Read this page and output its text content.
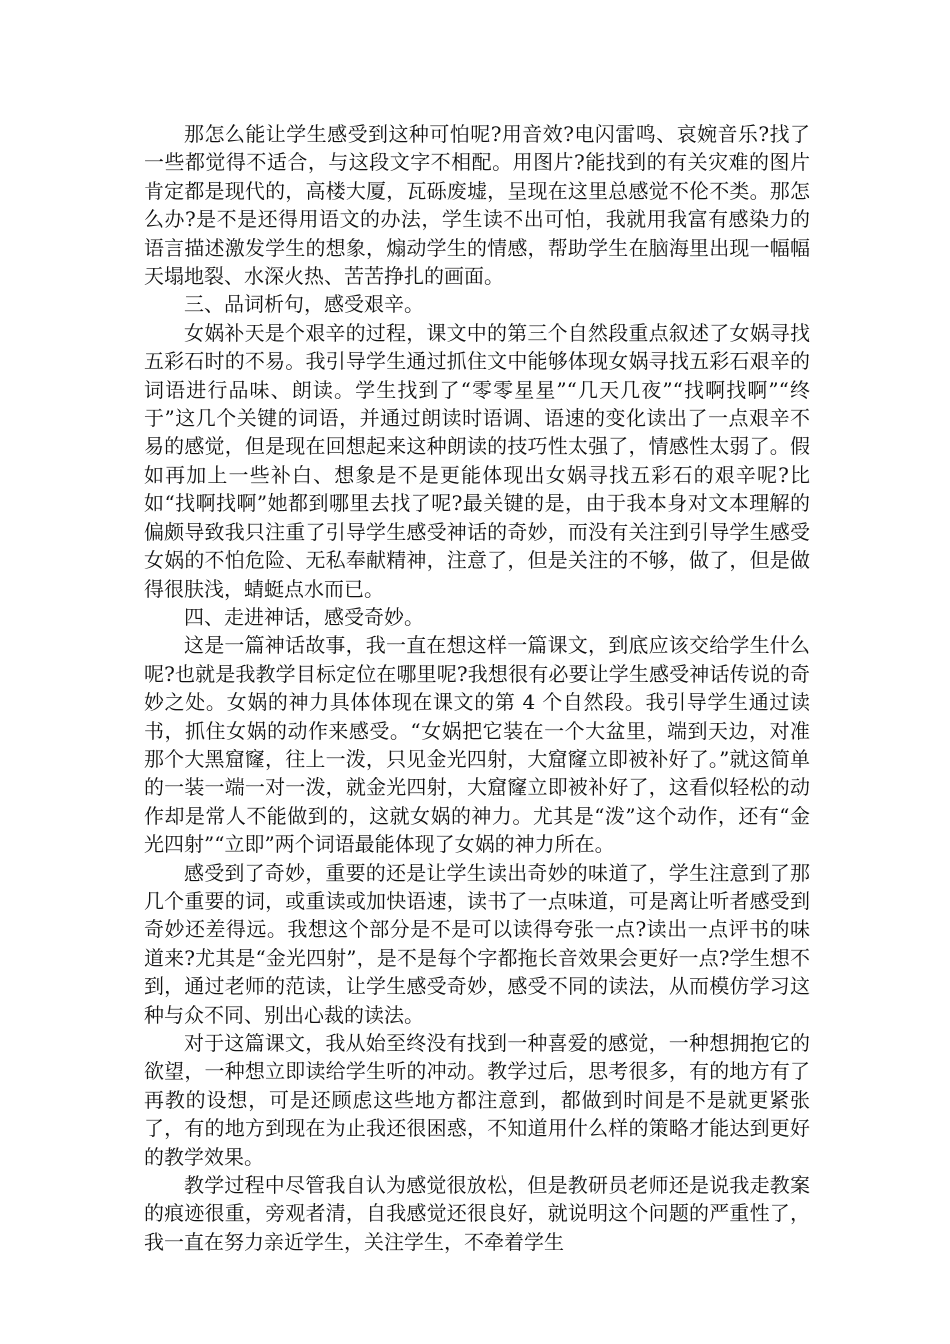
那怎么能让学生感受到这种可怕呢?用音效?电闪雷鸣、哀婉音乐?找了一些都觉得不适合，与这段文字不相配。用图片?能找到的有关灾难的图片肯定都是现代的，高楼大厦，瓦砾废墟，呈现在这里总感觉不伦不类。那怎么办?是不是还得用语文的办法，学生读不出可怕，我就用我富有感染力的语言描述激发学生的想象，煽动学生的情感，帮助学生在脑海里出现一幅幅天塌地裂、水深火热、苦苦挣扎的画面。

三、品词析句，感受艰辛。

女娲补天是个艰辛的过程，课文中的第三个自然段重点叙述了女娲寻找五彩石时的不易。我引导学生通过抓住文中能够体现女娲寻找五彩石艰辛的词语进行品味、朗读。学生找到了“零零星星”“几天几夜”“找啊找啊”“终于”这几个关键的词语，并通过朗读时语调、语速的变化读出了一点艰辛不易的感觉，但是现在回想起来这种朗读的技巧性太强了，情感性太弱了。假如再加上一些补白、想象是不是更能体现出女娲寻找五彩石的艰辛呢?比如“找啊找啊”她都到哪里去找了呢?最关键的是，由于我本身对文本理解的偏颇导致我只注重了引导学生感受神话的奇妙，而没有关注到引导学生感受女娲的不怕危险、无私奉献精神，注意了，但是关注的不够，做了，但是做得很肤浅，蜻蜓点水而已。

四、走进神话，感受奇妙。

这是一篇神话故事，我一直在想这样一篇课文，到底应该交给学生什么呢?也就是我教学目标定位在哪里呢?我想很有必要让学生感受神话传说的奇妙之处。女娲的神力具体体现在课文的第 4 个自然段。我引导学生通过读书，抓住女娲的动作来感受。“女娲把它装在一个大盆里，端到天边，对准那个大黑窟窿，往上一泼，只见金光四射，大窟窿立即被补好了。”就这简单的一装一端一对一泼，就金光四射，大窟窿立即被补好了，这看似轻松的动作却是常人不能做到的，这就女娲的神力。尤其是“泼”这个动作，还有“金光四射”“立即”两个词语最能体现了女娲的神力所在。

感受到了奇妙，重要的还是让学生读出奇妙的味道了，学生注意到了那几个重要的词，或重读或加快语速，读书了一点味道，可是离让听者感受到奇妙还差得远。我想这个部分是不是可以读得夸张一点?读出一点评书的味道来?尤其是“金光四射”，是不是每个字都拖长音效果会更好一点?学生想不到，通过老师的范读，让学生感受奇妙，感受不同的读法，从而模仿学习这种与众不同、别出心裁的读法。

对于这篇课文，我从始至终没有找到一种喜爱的感觉，一种想拥抱它的欲望，一种想立即读给学生听的冲动。教学过后，思考很多，有的地方有了再教的设想，可是还顾虑这些地方都注意到，都做到时间是不是就更紧张了，有的地方到现在为止我还很困惑，不知道用什么样的策略才能达到更好的教学效果。

教学过程中尽管我自认为感觉很放松，但是教研员老师还是说我走教案的痕迹很重，旁观者清，自我感觉还很良好，就说明这个问题的严重性了，我一直在努力亲近学生，关注学生，不牵着学生
